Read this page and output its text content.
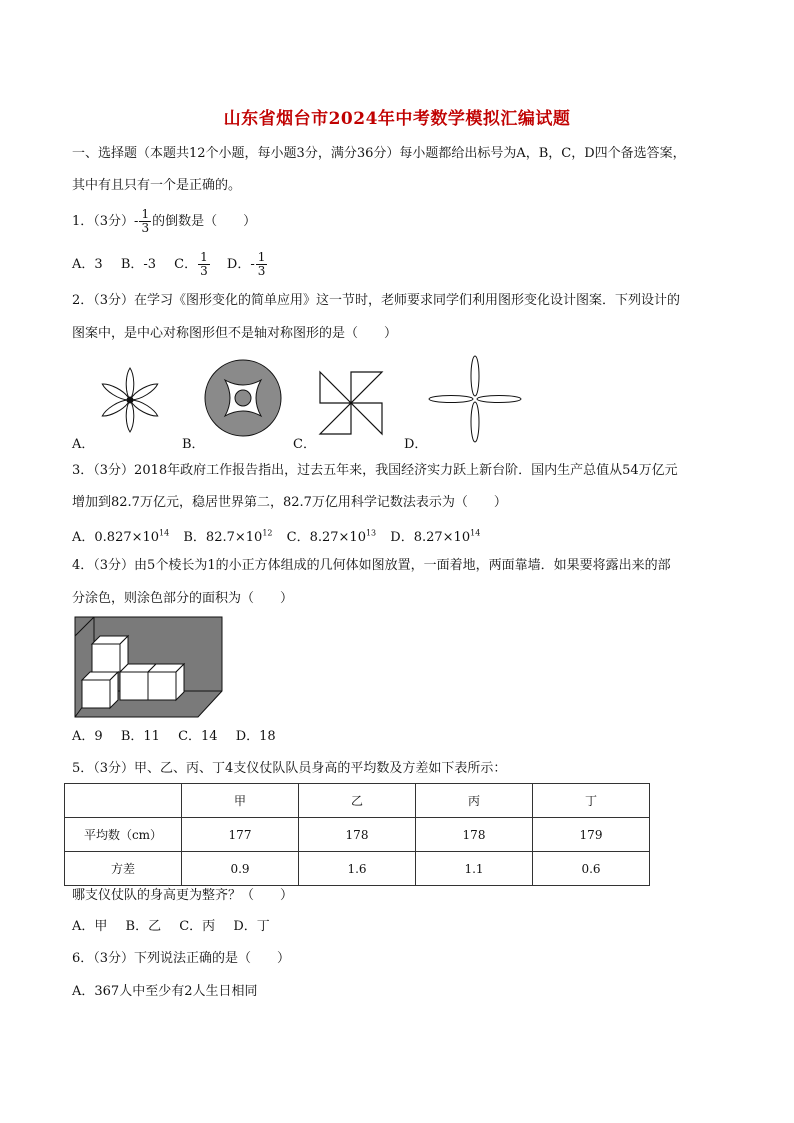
山东省烟台市2024年中考数学模拟汇编试题
一、选择题（本题共12个小题，每小题3分，满分36分）每小题都给出标号为A，B，C，D四个备选答案，
其中有且只有一个是正确的。
1．（3分）- $\frac{1}{3}$ 的倒数是（　　）
A．3 B．-3 C． $\frac{1}{3}$ D．- $\frac{1}{3}$
2．（3分）在学习《图形变化的简单应用》这一节时，老师要求同学们利用图形变化设计图案．下列设计的
图案中，是中心对称图形但不是轴对称图形的是（　　）
A．	B．	C．	D．
3．（3分）2018年政府工作报告指出，过去五年来，我国经济实力跃上新台阶．国内生产总值从54万亿元
增加到82.7万亿元，稳居世界第二，82.7万亿用科学记数法表示为（　　）
A．$0.827\times 10^{14}$ B．$82.7\times 10^{12}$ C．$8.27\times 10^{13}$ D．$8.27\times 10^{14}$
4．（3分）由5个棱长为1的小正方体组成的几何体如图放置，一面着地，两面靠墙．如果要将露出来的部
分涂色，则涂色部分的面积为（　　）
A．9 B．11 C．14 D．18
5．（3分）甲、乙、丙、丁4支仪仗队队员身高的平均数及方差如下表所示：
	甲	乙	丙	丁
平均数（cm）	177	178	178	179
方差	0.9	1.6	1.1	0.6
哪支仪仗队的身高更为整齐？（　　）
A．甲 B．乙 C．丙 D．丁
6．（3分）下列说法正确的是（　　）
A．367人中至少有2人生日相同
